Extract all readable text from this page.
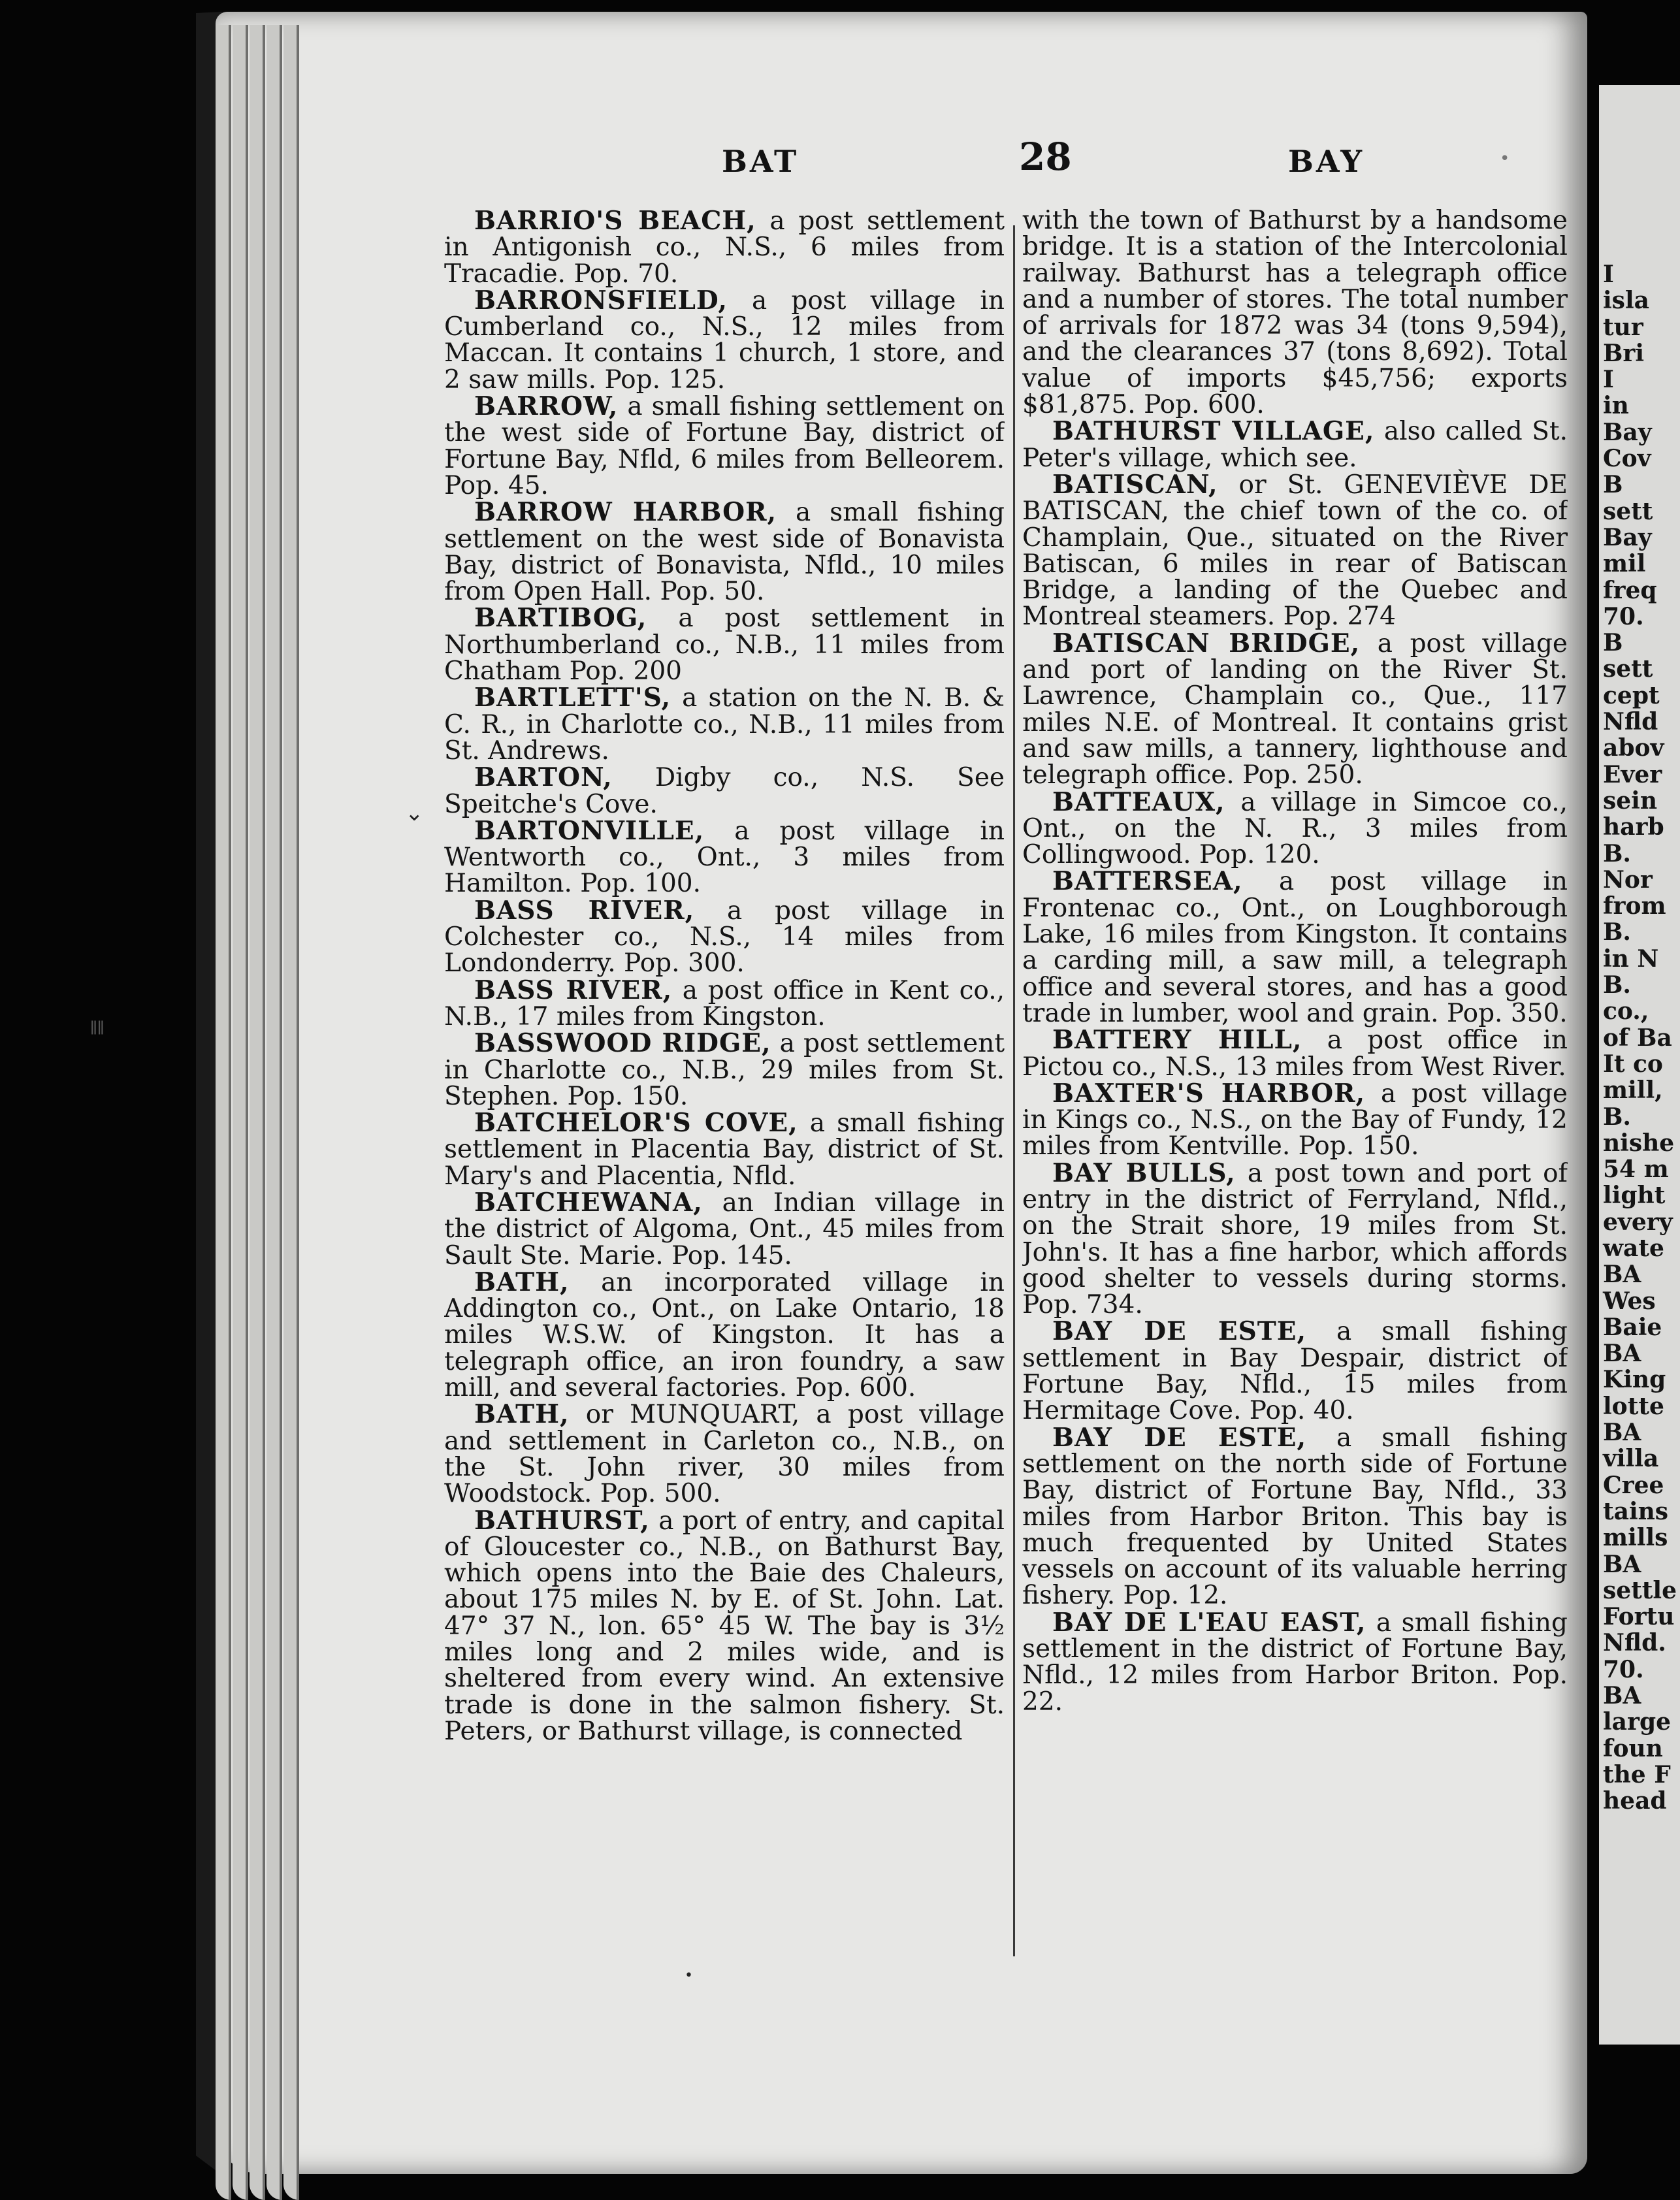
I
isla
tur
Bri
I
in
Bay
Cov
B
sett
Bay
mil
freq
70.
B
sett
cept
Nfld
abov
Ever
sein
harb
B.
Nor
from
B.
in N
B.
co.,
of Ba
It co
mill,
B.
nishe
54 m
light
every
wate
BA
Wes
Baie
BA
King
lotte
BA
villa
Cree
tains
mills
BA
settle
Fortu
Nfld.
70.
BA
large
foun
the F
head
BAT	28	BAY

BARRIO'S BEACH, a post settlement in Antigonish co., N.S., 6 miles from Tracadie. Pop. 70.

BARRONSFIELD, a post village in Cumberland co., N.S., 12 miles from Maccan. It contains 1 church, 1 store, and 2 saw mills. Pop. 125.

BARROW, a small fishing settlement on the west side of Fortune Bay, district of Fortune Bay, Nfld, 6 miles from Belleorem. Pop. 45.

BARROW HARBOR, a small fishing settlement on the west side of Bonavista Bay, district of Bonavista, Nfld., 10 miles from Open Hall. Pop. 50.

BARTIBOG, a post settlement in Northumberland co., N.B., 11 miles from Chatham Pop. 200

BARTLETT'S, a station on the N. B. & C. R., in Charlotte co., N.B., 11 miles from St. Andrews.

BARTON, Digby co., N.S. See Speitche's Cove.

BARTONVILLE, a post village in Wentworth co., Ont., 3 miles from Hamilton. Pop. 100.

BASS RIVER, a post village in Colchester co., N.S., 14 miles from Londonderry. Pop. 300.

BASS RIVER, a post office in Kent co., N.B., 17 miles from Kingston.

BASSWOOD RIDGE, a post settlement in Charlotte co., N.B., 29 miles from St. Stephen. Pop. 150.

BATCHELOR'S COVE, a small fishing settlement in Placentia Bay, district of St. Mary's and Placentia, Nfld.

BATCHEWANA, an Indian village in the district of Algoma, Ont., 45 miles from Sault Ste. Marie. Pop. 145.

BATH, an incorporated village in Addington co., Ont., on Lake Ontario, 18 miles W.S.W. of Kingston. It has a telegraph office, an iron foundry, a saw mill, and several factories. Pop. 600.

BATH, or MUNQUART, a post village and settlement in Carleton co., N.B., on the St. John river, 30 miles from Woodstock. Pop. 500.

BATHURST, a port of entry, and capital of Gloucester co., N.B., on Bathurst Bay, which opens into the Baie des Chaleurs, about 175 miles N. by E. of St. John. Lat. 47° 37 N., lon. 65° 45 W. The bay is 3½ miles long and 2 miles wide, and is sheltered from every wind. An extensive trade is done in the salmon fishery. St. Peters, or Bathurst village, is connected

with the town of Bathurst by a handsome bridge. It is a station of the Intercolonial railway. Bathurst has a telegraph office and a number of stores. The total number of arrivals for 1872 was 34 (tons 9,594), and the clearances 37 (tons 8,692). Total value of imports $45,756; exports $81,875. Pop. 600.

BATHURST VILLAGE, also called St. Peter's village, which see.

BATISCAN, or St. GENEVIÈVE DE BATISCAN, the chief town of the co. of Champlain, Que., situated on the River Batiscan, 6 miles in rear of Batiscan Bridge, a landing of the Quebec and Montreal steamers. Pop. 274

BATISCAN BRIDGE, a post village and port of landing on the River St. Lawrence, Champlain co., Que., 117 miles N.E. of Montreal. It contains grist and saw mills, a tannery, lighthouse and telegraph office. Pop. 250.

BATTEAUX, a village in Simcoe co., Ont., on the N. R., 3 miles from Collingwood. Pop. 120.

BATTERSEA, a post village in Frontenac co., Ont., on Loughborough Lake, 16 miles from Kingston. It contains a carding mill, a saw mill, a telegraph office and several stores, and has a good trade in lumber, wool and grain. Pop. 350.

BATTERY HILL, a post office in Pictou co., N.S., 13 miles from West River.

BAXTER'S HARBOR, a post village in Kings co., N.S., on the Bay of Fundy, 12 miles from Kentville. Pop. 150.

BAY BULLS, a post town and port of entry in the district of Ferryland, Nfld., on the Strait shore, 19 miles from St. John's. It has a fine harbor, which affords good shelter to vessels during storms. Pop. 734.

BAY DE ESTE, a small fishing settlement in Bay Despair, district of Fortune Bay, Nfld., 15 miles from Hermitage Cove. Pop. 40.

BAY DE ESTE, a small fishing settlement on the north side of Fortune Bay, district of Fortune Bay, Nfld., 33 miles from Harbor Briton. This bay is much frequented by United States vessels on account of its valuable herring fishery. Pop. 12.

BAY DE L'EAU EAST, a small fishing settlement in the district of Fortune Bay, Nfld., 12 miles from Harbor Briton. Pop. 22.

⌄
ǁǁ
•
•
